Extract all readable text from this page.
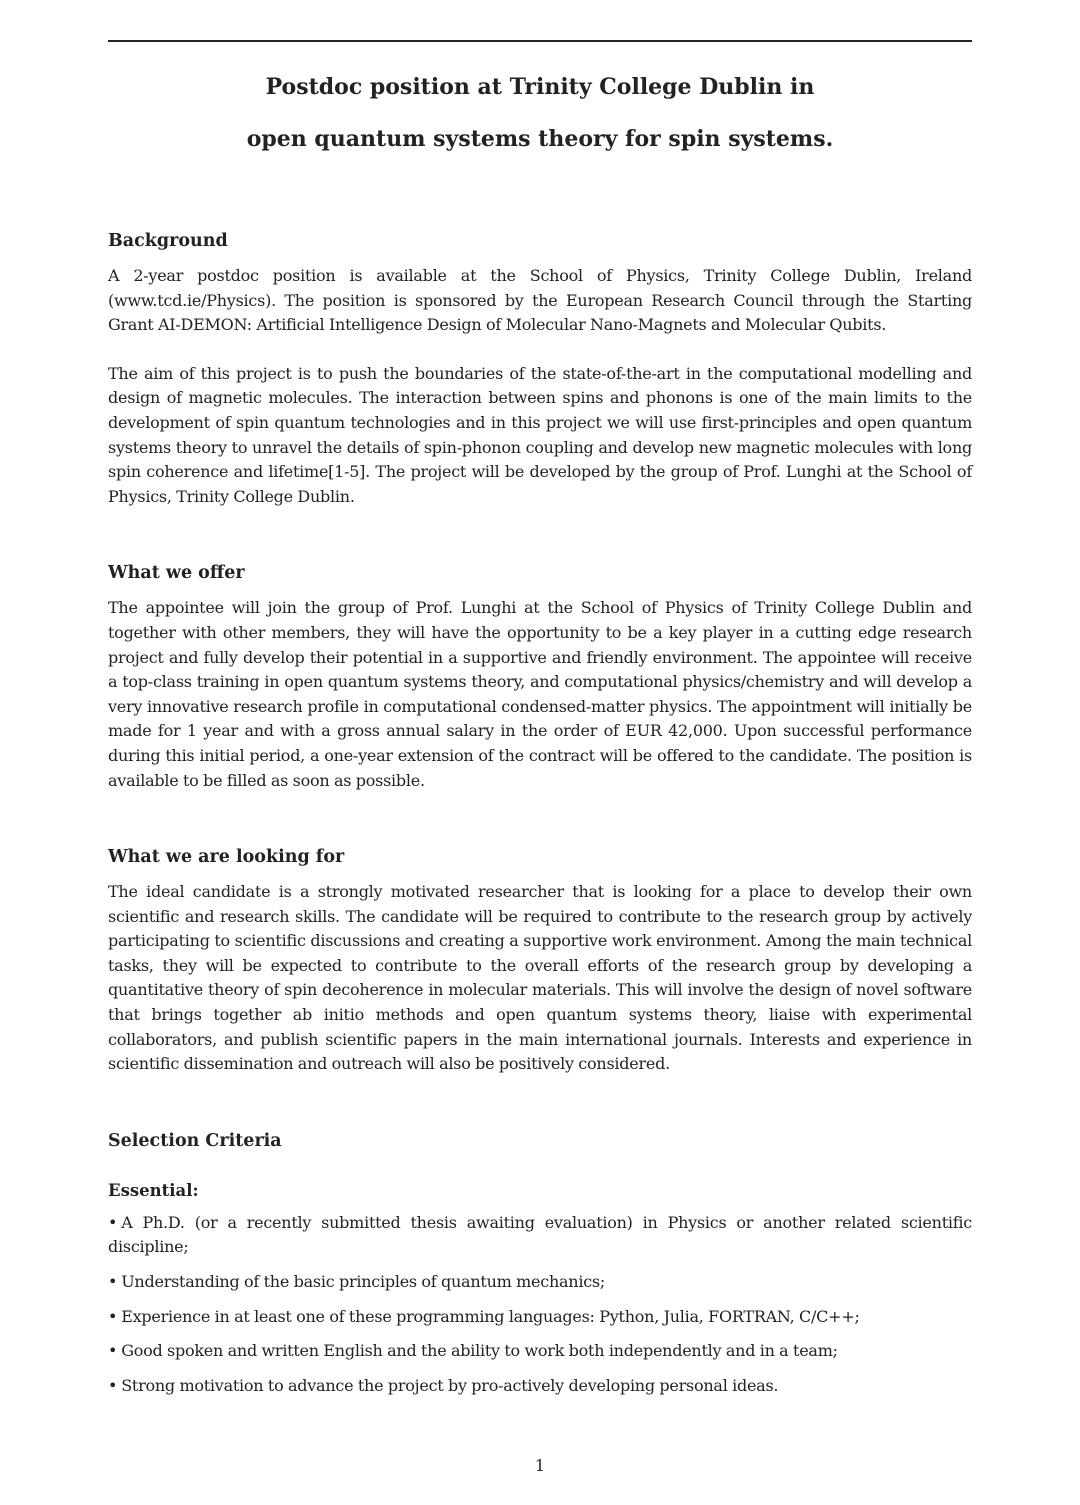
Postdoc position at Trinity College Dublin in
open quantum systems theory for spin systems.
Background

A 2-year postdoc position is available at the School of Physics, Trinity College Dublin, Ireland (www.tcd.ie/Physics). The position is sponsored by the European Research Council through the Starting Grant AI-DEMON: Artificial Intelligence Design of Molecular Nano-Magnets and Molecular Qubits.

The aim of this project is to push the boundaries of the state-of-the-art in the computational modelling and design of magnetic molecules. The interaction between spins and phonons is one of the main limits to the development of spin quantum technologies and in this project we will use first-principles and open quantum systems theory to unravel the details of spin-phonon coupling and develop new magnetic molecules with long spin coherence and lifetime[1-5]. The project will be developed by the group of Prof. Lunghi at the School of Physics, Trinity College Dublin.

What we offer

The appointee will join the group of Prof. Lunghi at the School of Physics of Trinity College Dublin and together with other members, they will have the opportunity to be a key player in a cutting edge research project and fully develop their potential in a supportive and friendly environment. The appointee will receive a top-class training in open quantum systems theory, and computational physics/chemistry and will develop a very innovative research profile in computational condensed-matter physics. The appointment will initially be made for 1 year and with a gross annual salary in the order of EUR 42,000. Upon successful performance during this initial period, a one-year extension of the contract will be offered to the candidate. The position is available to be filled as soon as possible.

What we are looking for

The ideal candidate is a strongly motivated researcher that is looking for a place to develop their own scientific and research skills. The candidate will be required to contribute to the research group by actively participating to scientific discussions and creating a supportive work environment. Among the main technical tasks, they will be expected to contribute to the overall efforts of the research group by developing a quantitative theory of spin decoherence in molecular materials. This will involve the design of novel software that brings together ab initio methods and open quantum systems theory, liaise with experimental collaborators, and publish scientific papers in the main international journals. Interests and experience in scientific dissemination and outreach will also be positively considered.

Selection Criteria
Essential:

• A Ph.D. (or a recently submitted thesis awaiting evaluation) in Physics or another related scientific discipline;

• Understanding of the basic principles of quantum mechanics;

• Experience in at least one of these programming languages: Python, Julia, FORTRAN, C/C++;

• Good spoken and written English and the ability to work both independently and in a team;

• Strong motivation to advance the project by pro-actively developing personal ideas.

1
